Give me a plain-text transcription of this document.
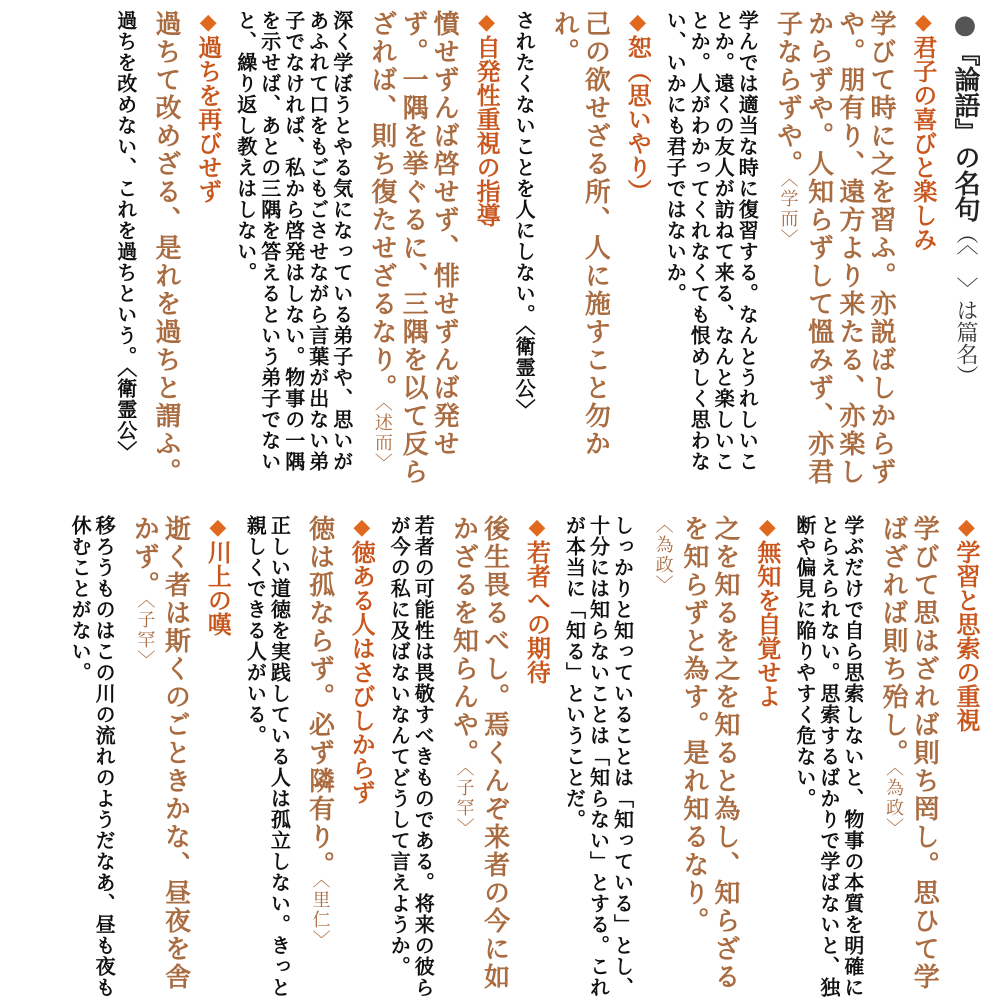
●『論語』の名句（〈　〉は篇名）
◆君子の喜びと楽しみ
学びて時に之を習ふ。亦説ばしからずや。朋有り、遠方より来たる、亦楽しからずや。人知らずして慍みず、亦君子ならずや。〈学而〉
学んでは適当な時に復習する。なんとうれしいことか。遠くの友人が訪ねて来る、なんと楽しいことか。人がわかってくれなくても恨めしく思わない、いかにも君子ではないか。
◆恕（思いやり）
己の欲せざる所、人に施すこと勿かれ。
されたくないことを人にしない。〈衛霊公〉
◆自発性重視の指導
憤せずんば啓せず、悱せずんば発せず。一隅を挙ぐるに、三隅を以て反らざれば、則ち復たせざるなり。〈述而〉
深く学ぼうとやる気になっている弟子や、思いがあふれて口をもごもごさせながら言葉が出ない弟子でなければ、私から啓発はしない。物事の一隅を示せば、あとの三隅を答えるという弟子でないと、繰り返し教えはしない。
◆過ちを再びせず
過ちて改めざる、是れを過ちと謂ふ。
過ちを改めない、これを過ちという。〈衛霊公〉
◆学習と思索の重視
学びて思はざれば則ち罔し。思ひて学ばざれば則ち殆し。〈為政〉
学ぶだけで自ら思索しないと、物事の本質を明確にとらえられない。思索するばかりで学ばないと、独断や偏見に陥りやすく危ない。
◆無知を自覚せよ
之を知るを之を知ると為し、知らざるを知らずと為す。是れ知るなり。〈為政〉
しっかりと知っていることは「知っている」とし、十分には知らないことは「知らない」とする。これが本当に「知る」ということだ。
◆若者への期待
後生畏るべし。焉くんぞ来者の今に如かざるを知らんや。〈子罕〉
若者の可能性は畏敬すべきものである。将来の彼らが今の私に及ばないなんてどうして言えようか。
◆徳ある人はさびしからず
徳は孤ならず。必ず隣有り。〈里仁〉
正しい道徳を実践している人は孤立しない。きっと親しくできる人がいる。
◆川上の嘆
逝く者は斯くのごときかな、昼夜を舎かず。〈子罕〉
移ろうものはこの川の流れのようだなあ、昼も夜も休むことがない。
